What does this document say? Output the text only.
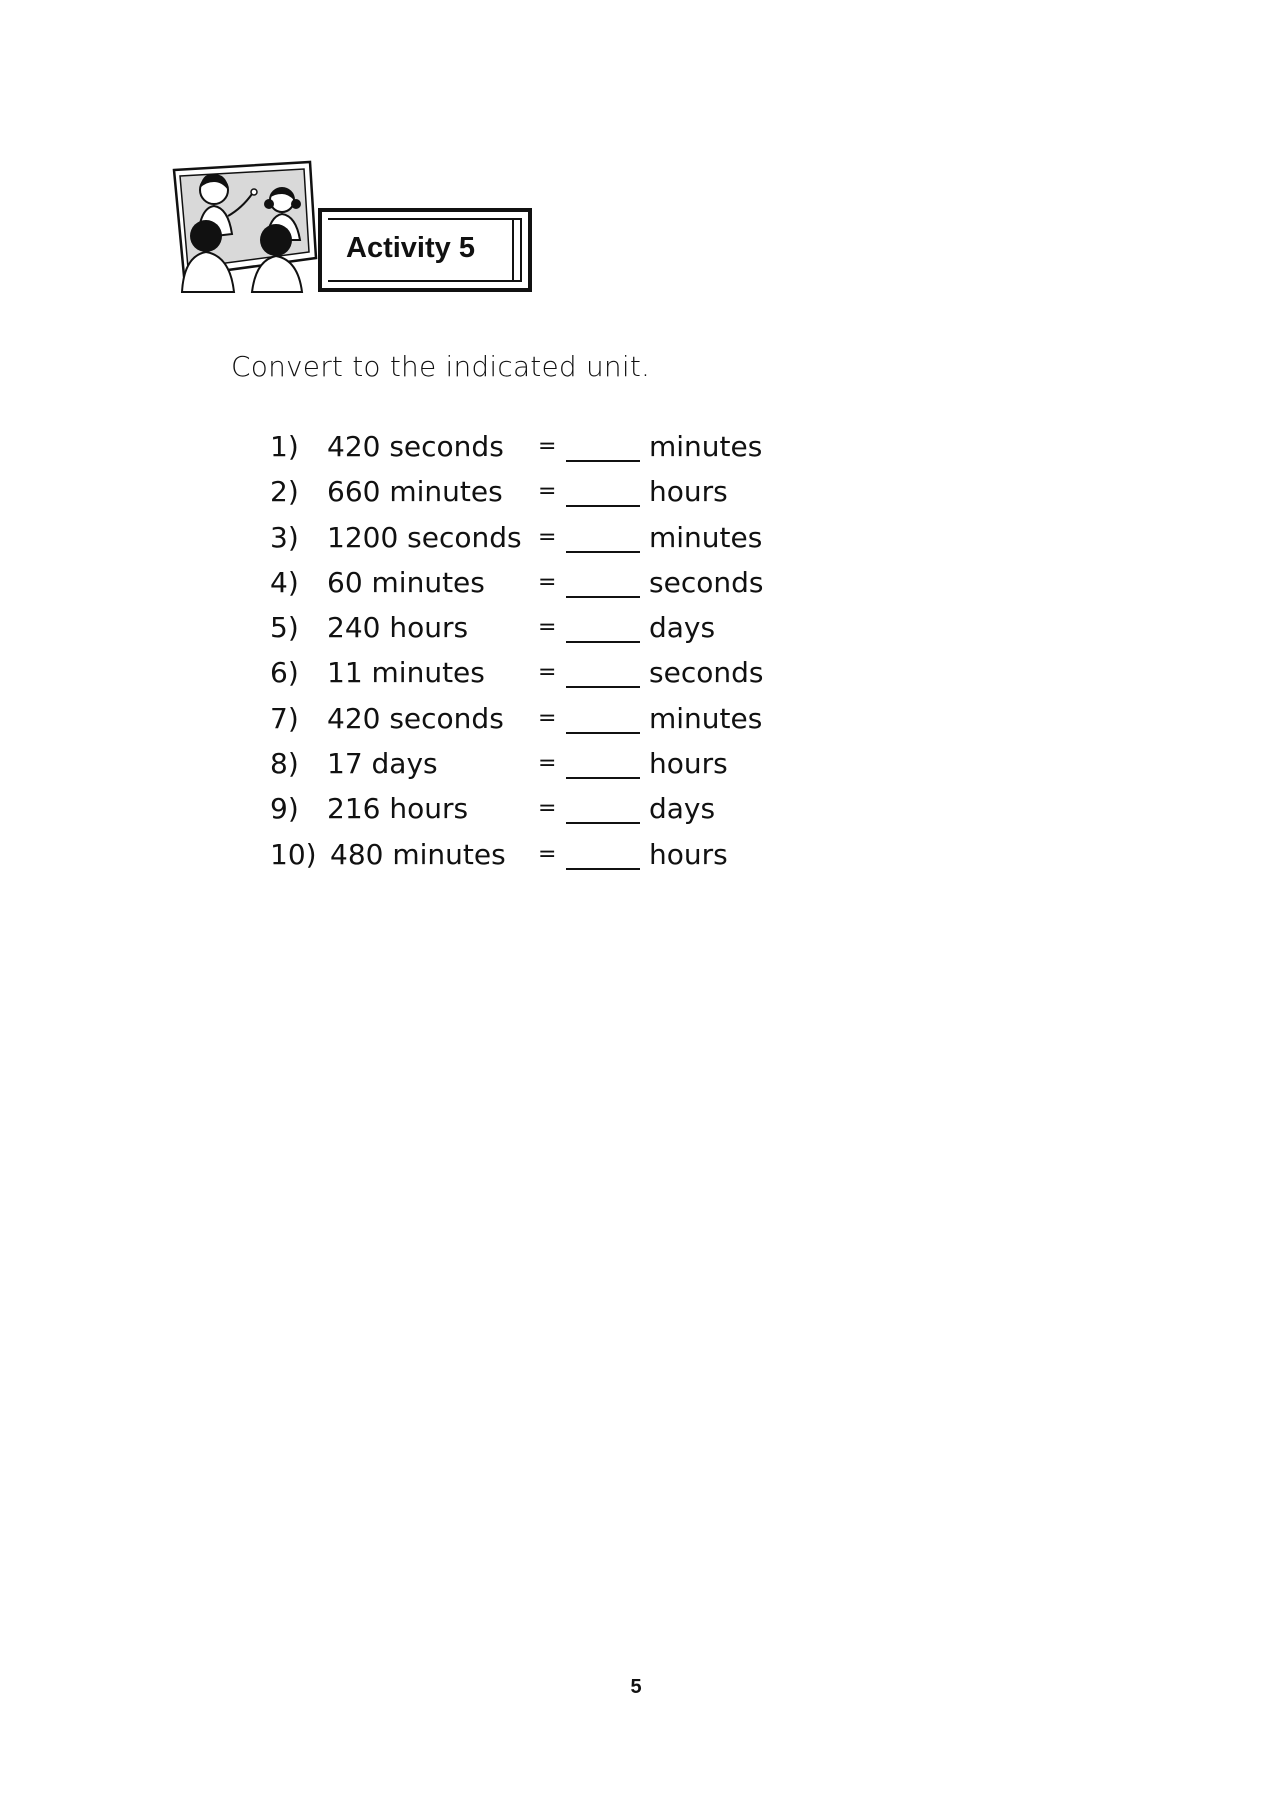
Activity 5
Convert to the indicated unit.
1) 420 seconds =	minutes
2) 660 minutes =	hours
3) 1200 seconds =	minutes
4) 60 minutes =	seconds
5) 240 hours	=	days
6) 11 minutes =	seconds
7) 420 seconds =	minutes
8) 17 days	=	hours
9) 216 hours	=	days
10) 480 minutes =	hours
5
